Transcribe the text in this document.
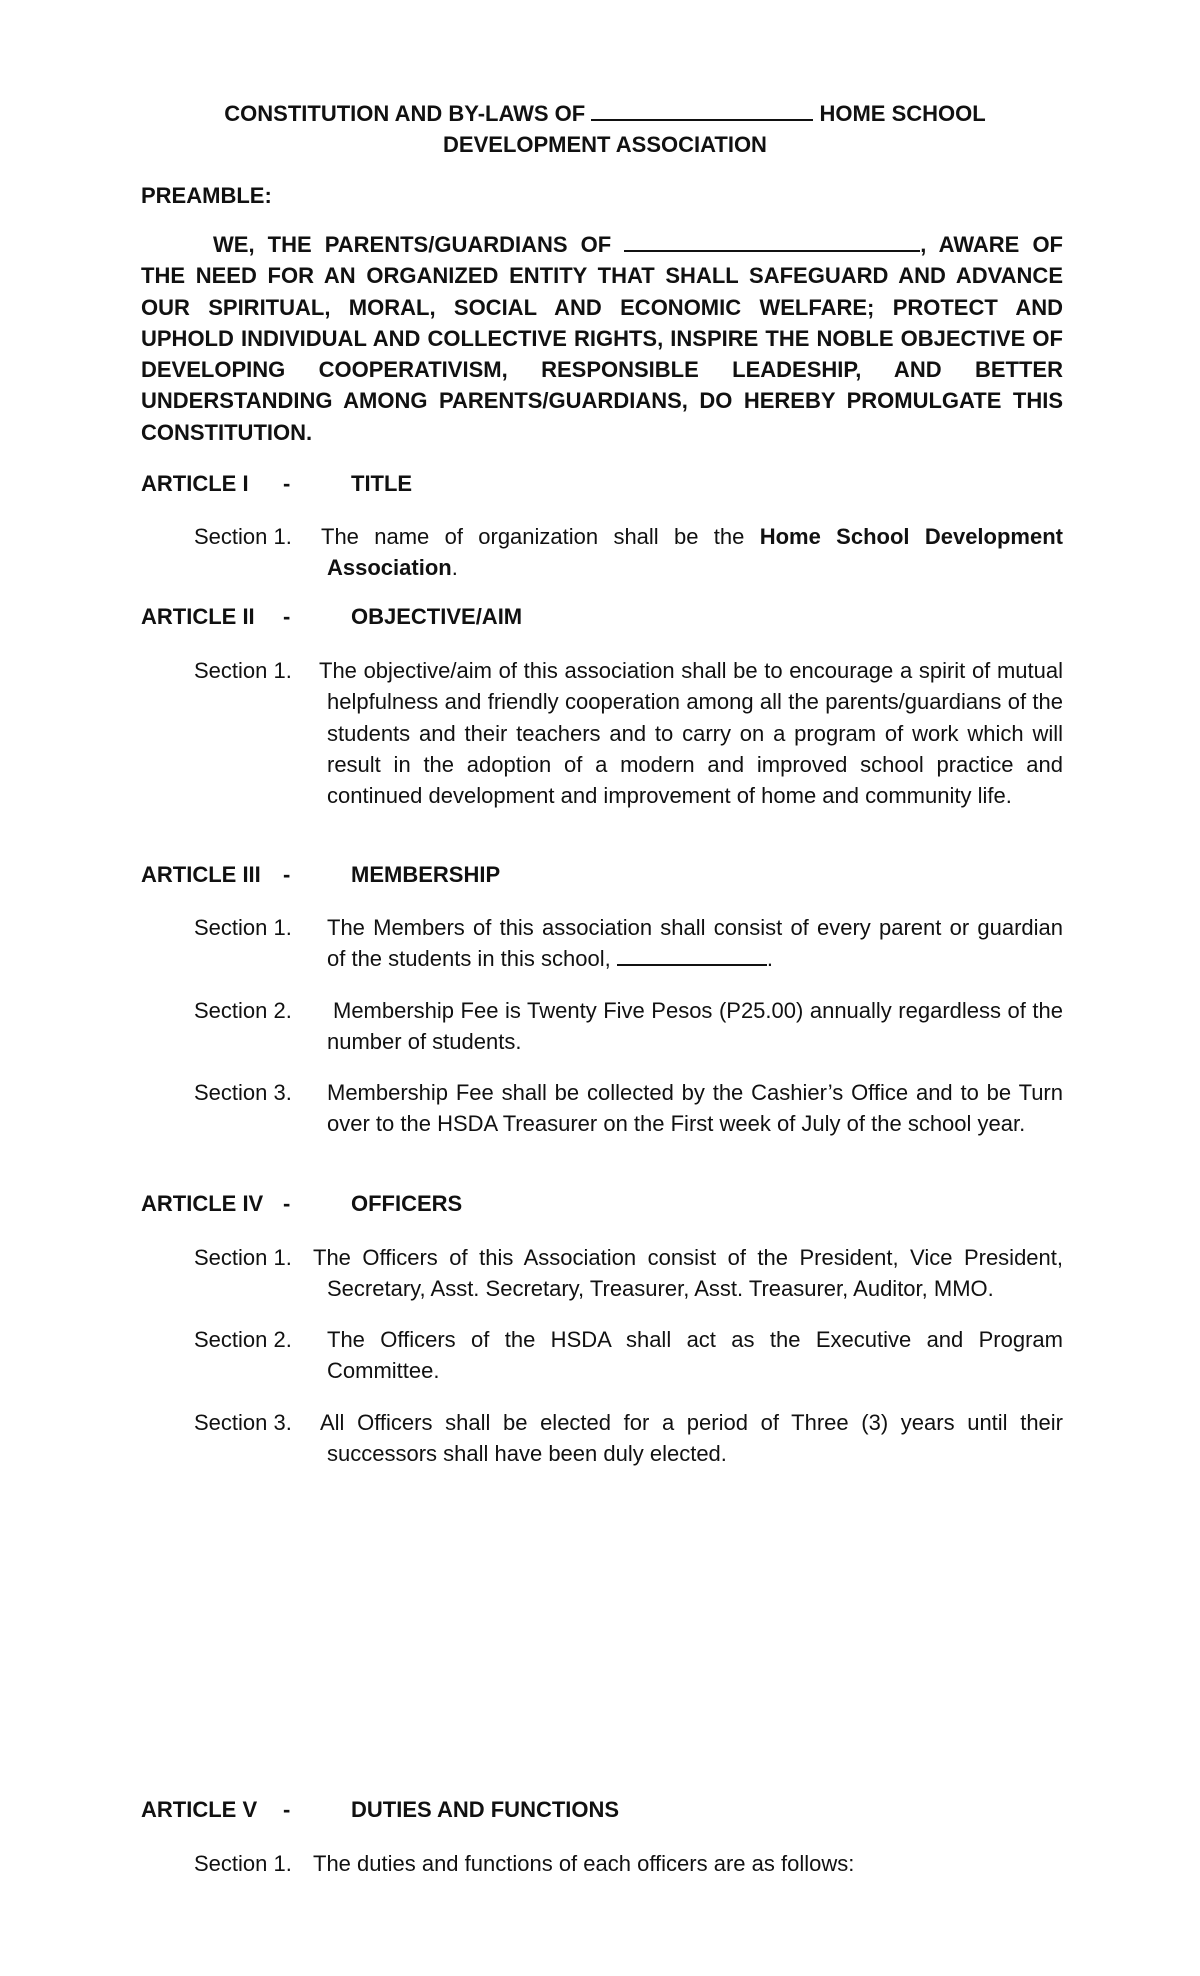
CONSTITUTION AND BY-LAWS OF	HOME SCHOOL
DEVELOPMENT ASSOCIATION
PREAMBLE:
WE, THE PARENTS/GUARDIANS OF	, AWARE OF THE NEED FOR AN ORGANIZED ENTITY THAT SHALL SAFEGUARD AND ADVANCE OUR SPIRITUAL, MORAL, SOCIAL AND ECONOMIC WELFARE; PROTECT AND UPHOLD INDIVIDUAL AND COLLECTIVE RIGHTS, INSPIRE THE NOBLE OBJECTIVE OF DEVELOPING COOPERATIVISM, RESPONSIBLE LEADESHIP, AND BETTER UNDERSTANDING AMONG PARENTS/GUARDIANS, DO HEREBY PROMULGATE THIS CONSTITUTION.
ARTICLE I -	TITLE
Section 1. The name of organization shall be the Home School Development Association.
ARTICLE II -	OBJECTIVE/AIM
Section 1. The objective/aim of this association shall be to encourage a spirit of mutual helpfulness and friendly cooperation among all the parents/guardians of the students and their teachers and to carry on a program of work which will result in the adoption of a modern and improved school practice and continued development and improvement of home and community life.
ARTICLE III -	MEMBERSHIP
Section 1. The Members of this association shall consist of every parent or guardian of the students in this school,	.
Section 2. Membership Fee is Twenty Five Pesos (P25.00) annually regardless of the number of students.
Section 3. Membership Fee shall be collected by the Cashier’s Office and to be Turn over to the HSDA Treasurer on the First week of July of the school year.
ARTICLE IV -	OFFICERS
Section 1. The Officers of this Association consist of the President, Vice President, Secretary, Asst. Secretary, Treasurer, Asst. Treasurer, Auditor, MMO.
Section 2. The Officers of the HSDA shall act as the Executive and Program Committee.
Section 3. All Officers shall be elected for a period of Three (3) years until their successors shall have been duly elected.
ARTICLE V -	DUTIES AND FUNCTIONS
Section 1. The duties and functions of each officers are as follows:
